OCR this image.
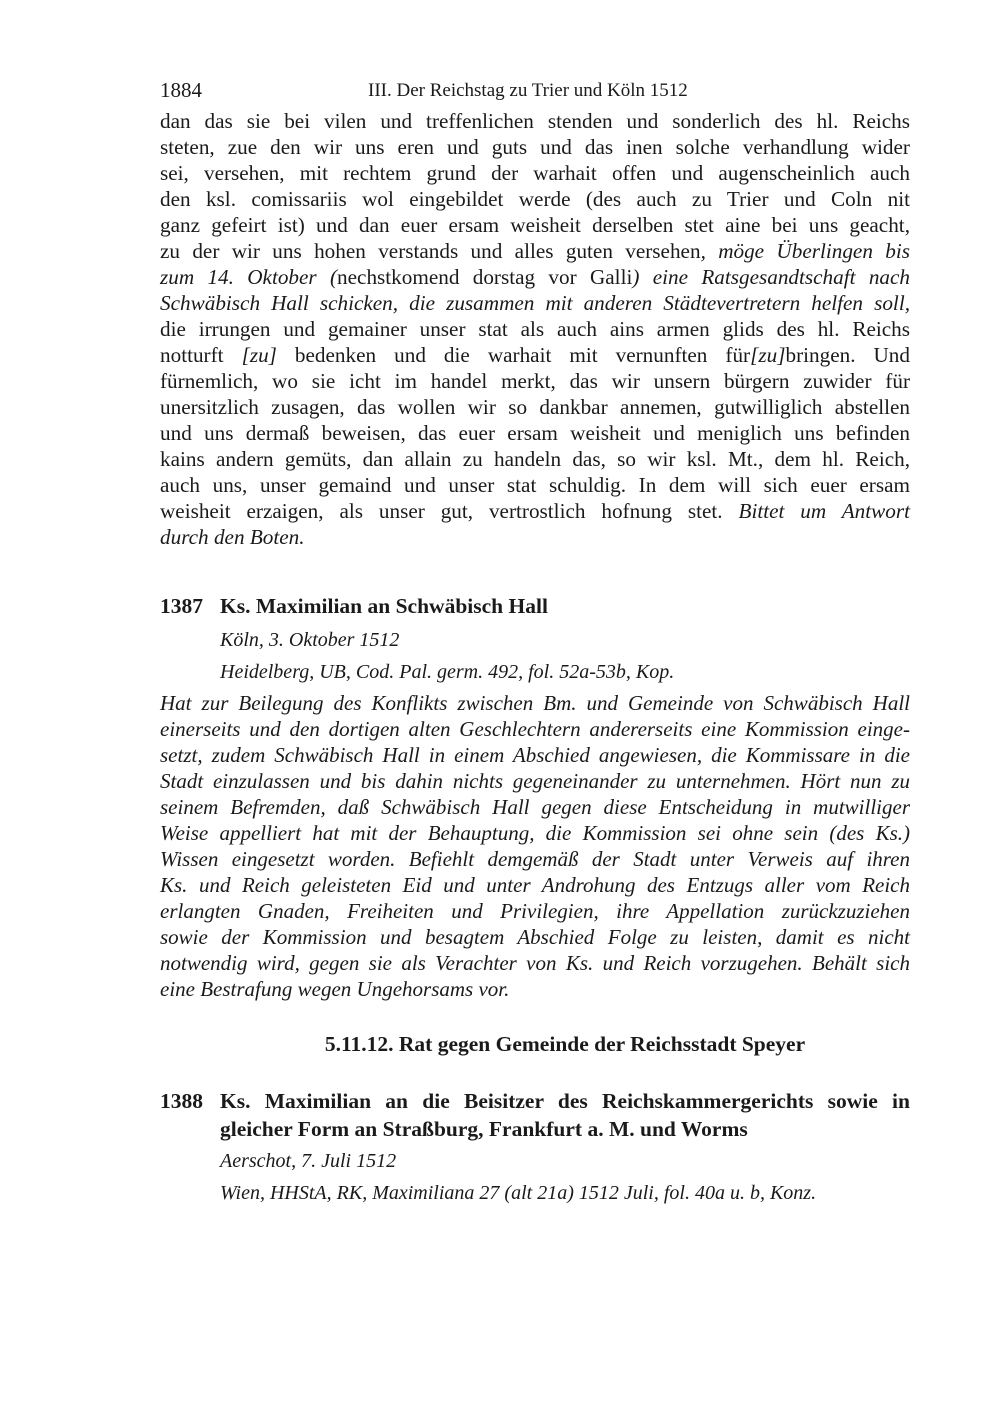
1884	III. Der Reichstag zu Trier und Köln 1512
dan das sie bei vilen und treffenlichen stenden und sonderlich des hl. Reichs
steten, zue den wir uns eren und guts und das inen solche verhandlung wider
sei, versehen, mit rechtem grund der warhait offen und augenscheinlich auch
den ksl. comissariis wol eingebildet werde (des auch zu Trier und Coln nit
ganz gefeirt ist) und dan euer ersam weisheit derselben stet aine bei uns geacht,
zu der wir uns hohen verstands und alles guten versehen, möge Überlingen bis
zum 14. Oktober (nechstkomend dorstag vor Galli) eine Ratsgesandtschaft nach
Schwäbisch Hall schicken, die zusammen mit anderen Städtevertretern helfen soll,
die irrungen und gemainer unser stat als auch ains armen glids des hl. Reichs
notturft [zu] bedenken und die warhait mit vernunften für[zu]bringen. Und
fürnemlich, wo sie icht im handel merkt, das wir unsern bürgern zuwider für
unersitzlich zusagen, das wollen wir so dankbar annemen, gutwilliglich abstellen
und uns dermaß beweisen, das euer ersam weisheit und meniglich uns befinden
kains andern gemüts, dan allain zu handeln das, so wir ksl. Mt., dem hl. Reich,
auch uns, unser gemaind und unser stat schuldig. In dem will sich euer ersam
weisheit erzaigen, als unser gut, vertrostlich hofnung stet. Bittet um Antwort
durch den Boten.
1387 Ks. Maximilian an Schwäbisch Hall
Köln, 3. Oktober 1512
Heidelberg, UB, Cod. Pal. germ. 492, fol. 52a-53b, Kop.
Hat zur Beilegung des Konflikts zwischen Bm. und Gemeinde von Schwäbisch Hall
einerseits und den dortigen alten Geschlechtern andererseits eine Kommission einge-
setzt, zudem Schwäbisch Hall in einem Abschied angewiesen, die Kommissare in die
Stadt einzulassen und bis dahin nichts gegeneinander zu unternehmen. Hört nun zu
seinem Befremden, daß Schwäbisch Hall gegen diese Entscheidung in mutwilliger
Weise appelliert hat mit der Behauptung, die Kommission sei ohne sein (des Ks.)
Wissen eingesetzt worden. Befiehlt demgemäß der Stadt unter Verweis auf ihren
Ks. und Reich geleisteten Eid und unter Androhung des Entzugs aller vom Reich
erlangten Gnaden, Freiheiten und Privilegien, ihre Appellation zurückzuziehen
sowie der Kommission und besagtem Abschied Folge zu leisten, damit es nicht
notwendig wird, gegen sie als Verachter von Ks. und Reich vorzugehen. Behält sich
eine Bestrafung wegen Ungehorsams vor.
5.11.12. Rat gegen Gemeinde der Reichsstadt Speyer
1388 Ks. Maximilian an die Beisitzer des Reichskammergerichts sowie in
gleicher Form an Straßburg, Frankfurt a. M. und Worms
Aerschot, 7. Juli 1512
Wien, HHStA, RK, Maximiliana 27 (alt 21a) 1512 Juli, fol. 40a u. b, Konz.
